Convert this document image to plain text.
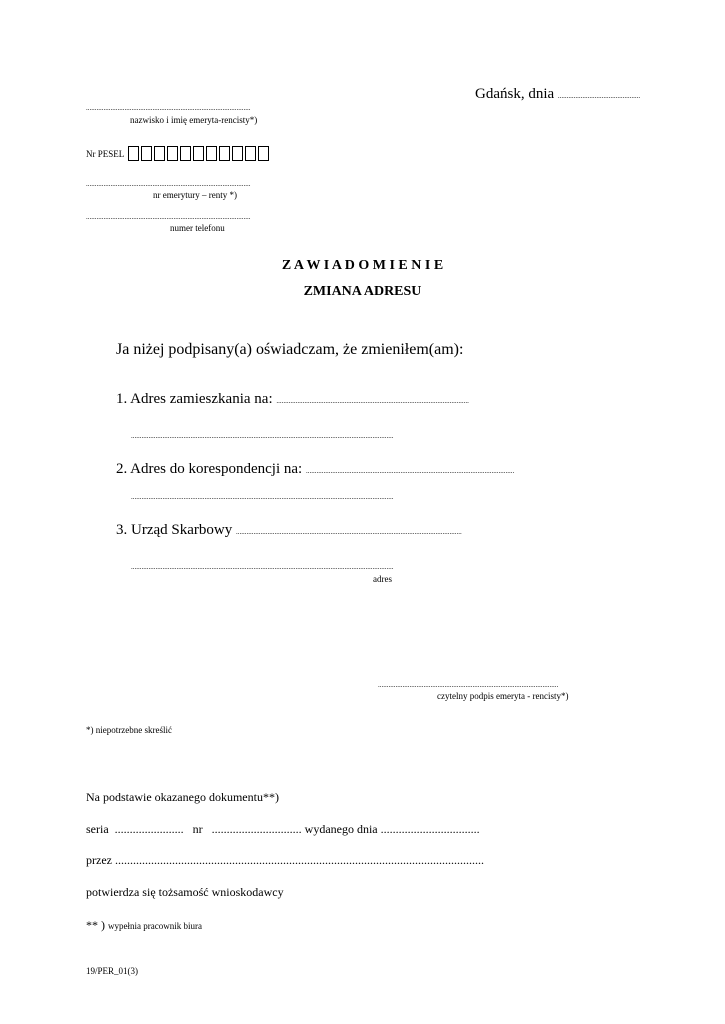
Gdańsk, dnia ...............................................
..............................................................................................
nazwisko i imię emeryta-rencisty*)
Nr PESEL
..............................................................................................
nr emerytury – renty *)
..............................................................................................
numer telefonu
Z A W I A D O M I E N I E
ZMIANA ADRESU
Ja niżej podpisany(a) oświadczam, że zmieniłem(am):
1. Adres zamieszkania na: ..............................................................................................................
......................................................................................................................................................
2. Adres do korespondencji na: .......................................................................................................................
......................................................................................................................................................
3. Urząd Skarbowy .................................................................................................................................
......................................................................................................................................................
adres
.......................................................................................................
czytelny podpis emeryta - rencisty*)
*) niepotrzebne skreślić
Na podstawie okazanego dokumentu**)
seria ....................... nr .............................. wydanego dnia .................................
przez ...........................................................................................................................
potwierdza się tożsamość wnioskodawcy
** ) wypełnia pracownik biura
19/PER_01(3)
